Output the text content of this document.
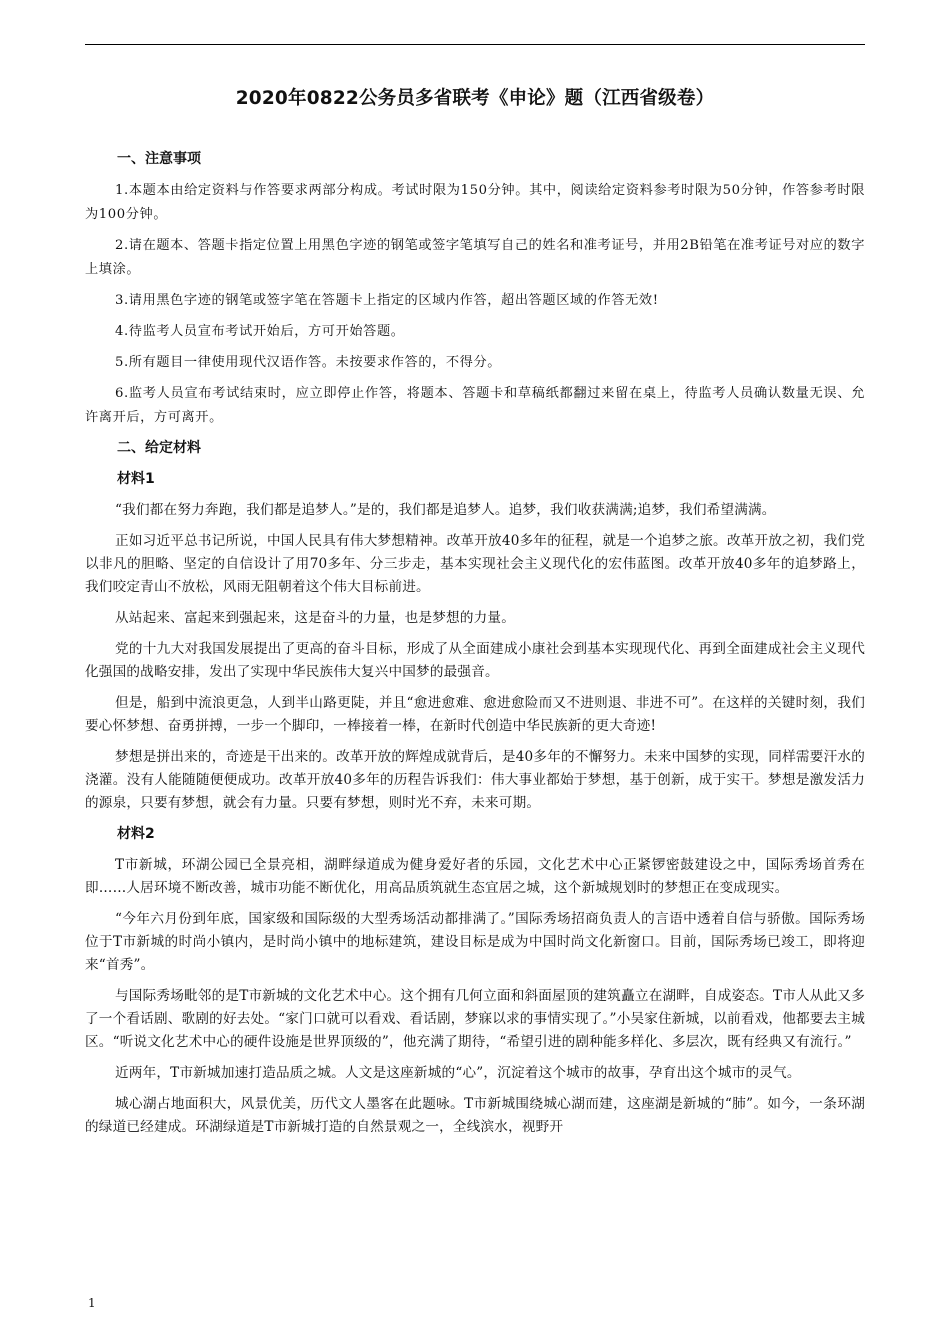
2020年0822公务员多省联考《申论》题（江西省级卷）
一、注意事项
1.本题本由给定资料与作答要求两部分构成。考试时限为150分钟。其中，阅读给定资料参考时限为50分钟，作答参考时限为100分钟。
2.请在题本、答题卡指定位置上用黑色字迹的钢笔或签字笔填写自己的姓名和准考证号，并用2B铅笔在准考证号对应的数字上填涂。
3.请用黑色字迹的钢笔或签字笔在答题卡上指定的区域内作答，超出答题区域的作答无效!
4.待监考人员宣布考试开始后，方可开始答题。
5.所有题目一律使用现代汉语作答。未按要求作答的，不得分。
6.监考人员宣布考试结束时，应立即停止作答，将题本、答题卡和草稿纸都翻过来留在桌上，待监考人员确认数量无误、允许离开后，方可离开。
二、给定材料
材料1
“我们都在努力奔跑，我们都是追梦人。”是的，我们都是追梦人。追梦，我们收获满满;追梦，我们希望满满。
正如习近平总书记所说，中国人民具有伟大梦想精神。改革开放40多年的征程，就是一个追梦之旅。改革开放之初，我们党以非凡的胆略、坚定的自信设计了用70多年、分三步走，基本实现社会主义现代化的宏伟蓝图。改革开放40多年的追梦路上，我们咬定青山不放松，风雨无阻朝着这个伟大目标前进。
从站起来、富起来到强起来，这是奋斗的力量，也是梦想的力量。
党的十九大对我国发展提出了更高的奋斗目标，形成了从全面建成小康社会到基本实现现代化、再到全面建成社会主义现代化强国的战略安排，发出了实现中华民族伟大复兴中国梦的最强音。
但是，船到中流浪更急，人到半山路更陡，并且“愈进愈难、愈进愈险而又不进则退、非进不可”。在这样的关键时刻，我们要心怀梦想、奋勇拼搏，一步一个脚印，一棒接着一棒，在新时代创造中华民族新的更大奇迹!
梦想是拼出来的，奇迹是干出来的。改革开放的辉煌成就背后，是40多年的不懈努力。未来中国梦的实现，同样需要汗水的浇灌。没有人能随随便便成功。改革开放40多年的历程告诉我们：伟大事业都始于梦想，基于创新，成于实干。梦想是激发活力的源泉，只要有梦想，就会有力量。只要有梦想，则时光不弃，未来可期。
材料2
T市新城，环湖公园已全景亮相，湖畔绿道成为健身爱好者的乐园，文化艺术中心正紧锣密鼓建设之中，国际秀场首秀在即……人居环境不断改善，城市功能不断优化，用高品质筑就生态宜居之城，这个新城规划时的梦想正在变成现实。
“今年六月份到年底，国家级和国际级的大型秀场活动都排满了。”国际秀场招商负责人的言语中透着自信与骄傲。国际秀场位于T市新城的时尚小镇内，是时尚小镇中的地标建筑，建设目标是成为中国时尚文化新窗口。目前，国际秀场已竣工，即将迎来“首秀”。
与国际秀场毗邻的是T市新城的文化艺术中心。这个拥有几何立面和斜面屋顶的建筑矗立在湖畔，自成姿态。T市人从此又多了一个看话剧、歌剧的好去处。“家门口就可以看戏、看话剧，梦寐以求的事情实现了。”小吴家住新城，以前看戏，他都要去主城区。“听说文化艺术中心的硬件设施是世界顶级的”，他充满了期待，“希望引进的剧种能多样化、多层次，既有经典又有流行。”
近两年，T市新城加速打造品质之城。人文是这座新城的“心”，沉淀着这个城市的故事，孕育出这个城市的灵气。
城心湖占地面积大，风景优美，历代文人墨客在此题咏。T市新城围绕城心湖而建，这座湖是新城的“肺”。如今，一条环湖的绿道已经建成。环湖绿道是T市新城打造的自然景观之一，全线滨水，视野开
1
